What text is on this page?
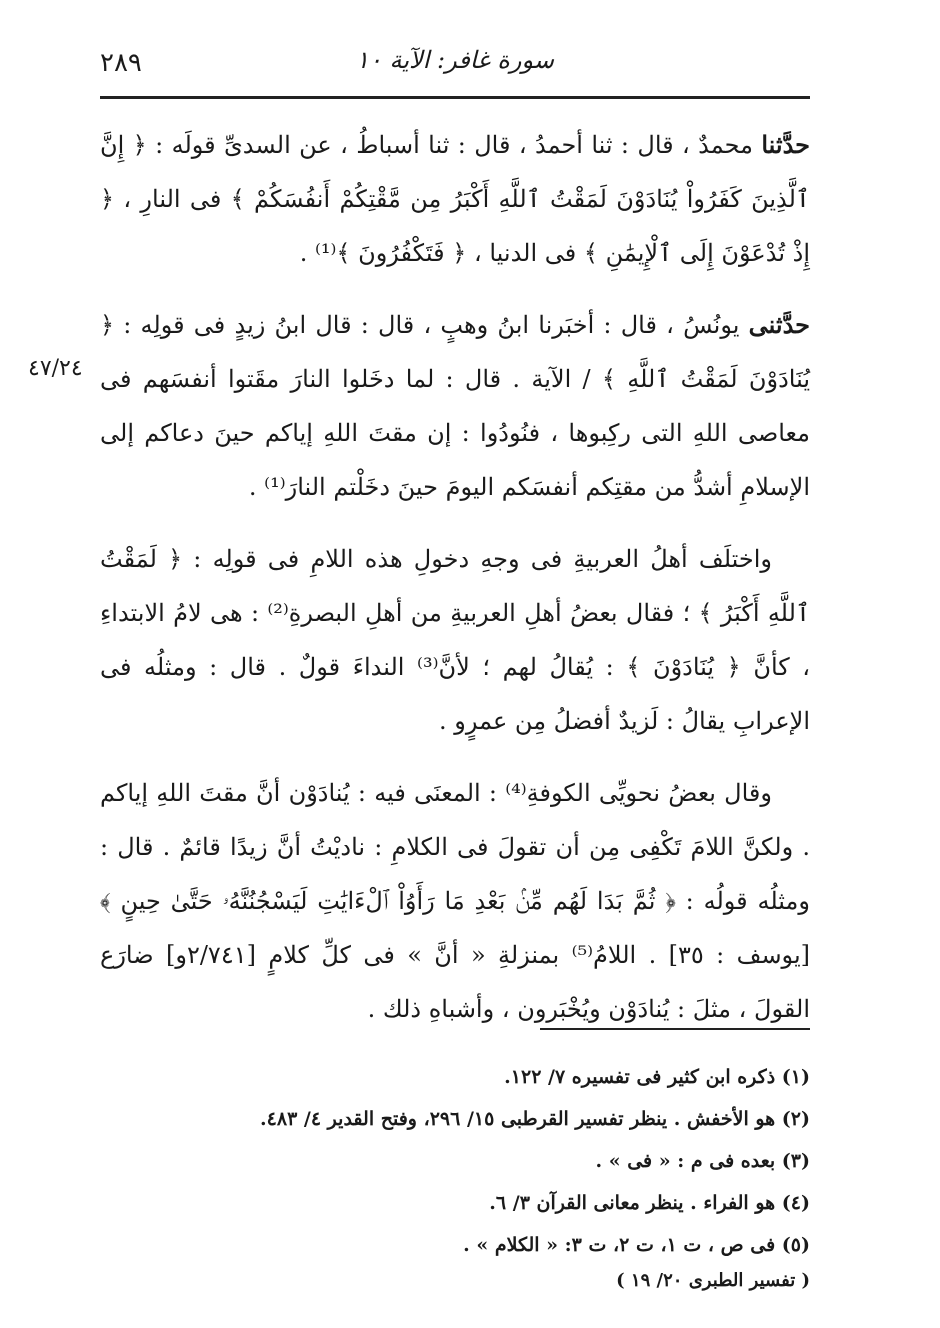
٢٨٩	سورة غافر: الآية ١٠
٤٧/٢٤

حدَّثنا محمدٌ ، قال : ثنا أحمدُ ، قال : ثنا أسباطُ ، عن السدىِّ قولَه : ﴿ إِنَّ ٱلَّذِينَ كَفَرُواْ يُنَادَوْنَ لَمَقْتُ ٱللَّهِ أَكْبَرُ مِن مَّقْتِكُمْ أَنفُسَكُمْ ﴾ فى النارِ ، ﴿ إِذْ تُدْعَوْنَ إِلَى ٱلْإِيمَٰنِ ﴾ فى الدنيا ، ﴿ فَتَكْفُرُونَ ﴾⁽¹⁾ .

حدَّثنى يونُسُ ، قال : أخبَرنا ابنُ وهبٍ ، قال : قال ابنُ زيدٍ فى قولِه : ﴿ يُنَادَوْنَ لَمَقْتُ ٱللَّهِ ﴾ / الآية . قال : لما دخَلوا النارَ مقَتوا أنفسَهم فى معاصى اللهِ التى ركِبوها ، فنُودُوا : إن مقتَ اللهِ إياكم حينَ دعاكم إلى الإسلامِ أشدُّ من مقتِكم أنفسَكم اليومَ حينَ دخَلْتم النارَ⁽¹⁾ .

واختلَف أهلُ العربيةِ فى وجهِ دخولِ هذه اللامِ فى قولِه : ﴿ لَمَقْتُ ٱللَّهِ أَكْبَرُ ﴾ ؛ فقال بعضُ أهلِ العربيةِ من أهلِ البصرةِ⁽²⁾ : هى لامُ الابتداءِ ، كأنَّ ﴿ يُنَادَوْنَ ﴾ : يُقالُ لهم ؛ لأنَّ⁽³⁾ النداءَ قولٌ . قال : ومثلُه فى الإعرابِ يقالُ : لَزيدٌ أفضلُ مِن عمرٍو .

وقال بعضُ نحويِّى الكوفةِ⁽⁴⁾ : المعنَى فيه : يُنادَوْن أنَّ مقتَ اللهِ إياكم . ولكنَّ اللامَ تَكْفِى مِن أن تقولَ فى الكلامِ : ناديْتُ أنَّ زيدًا قائمٌ . قال : ومثلُه قولُه : ﴿ ثُمَّ بَدَا لَهُم مِّنۢ بَعْدِ مَا رَأَوُاْ ٱلْءَايَٰتِ لَيَسْجُنُنَّهُۥ حَتَّىٰ حِينٍ ﴾ [يوسف : ٣٥] . اللامُ⁽⁵⁾ بمنزلةِ « أنَّ » فى كلِّ كلامٍ [٢/٧٤١و] ضارَع القولَ ، مثلَ : يُنادَوْن ويُخْبَرون ، وأشباهِ ذلك .

(١) ذكره ابن كثير فى تفسيره ٧/ ١٢٢.

(٢) هو الأخفش . ينظر تفسير القرطبى ١٥/ ٢٩٦، وفتح القدير ٤/ ٤٨٣.

(٣) بعده فى م : « فى » .

(٤) هو الفراء . ينظر معانى القرآن ٣/ ٦.

(٥) فى ص ، ت ١، ت ٢، ت ٣: « الكلام » .

( تفسير الطبرى ٢٠/ ١٩ )
